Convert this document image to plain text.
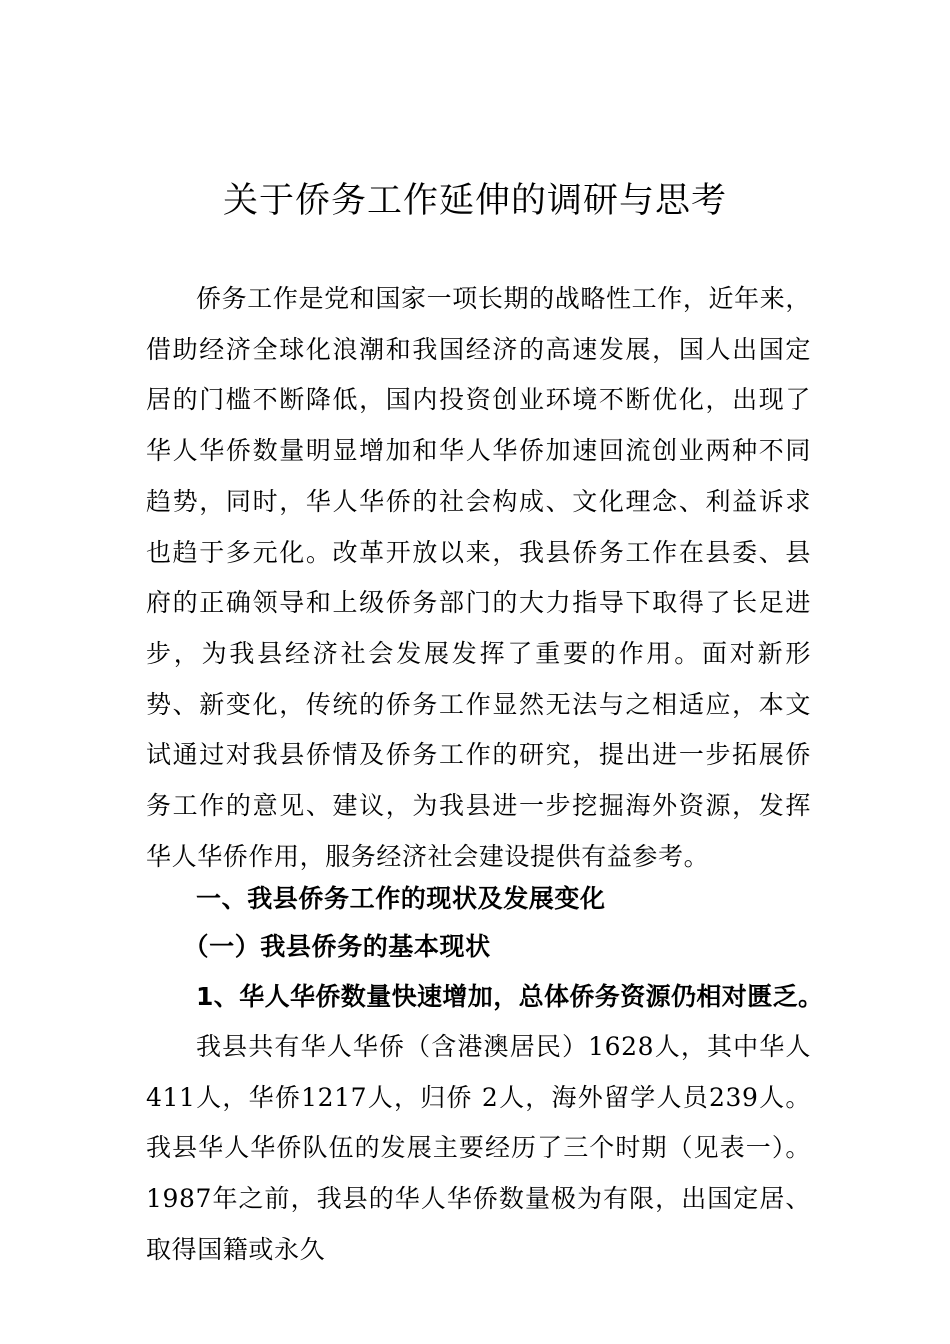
关于侨务工作延伸的调研与思考

侨务工作是党和国家一项长期的战略性工作，近年来，借助经济全球化浪潮和我国经济的高速发展，国人出国定居的门槛不断降低，国内投资创业环境不断优化，出现了华人华侨数量明显增加和华人华侨加速回流创业两种不同趋势，同时，华人华侨的社会构成、文化理念、利益诉求也趋于多元化。改革开放以来，我县侨务工作在县委、县府的正确领导和上级侨务部门的大力指导下取得了长足进步，为我县经济社会发展发挥了重要的作用。面对新形势、新变化，传统的侨务工作显然无法与之相适应，本文试通过对我县侨情及侨务工作的研究，提出进一步拓展侨务工作的意见、建议，为我县进一步挖掘海外资源，发挥华人华侨作用，服务经济社会建设提供有益参考。

一、我县侨务工作的现状及发展变化

（一）我县侨务的基本现状

1、华人华侨数量快速增加，总体侨务资源仍相对匮乏。

我县共有华人华侨（含港澳居民）1628人，其中华人411人，华侨1217人，归侨 2人，海外留学人员239人。我县华人华侨队伍的发展主要经历了三个时期（见表一）。1987年之前，我县的华人华侨数量极为有限，出国定居、取得国籍或永久
